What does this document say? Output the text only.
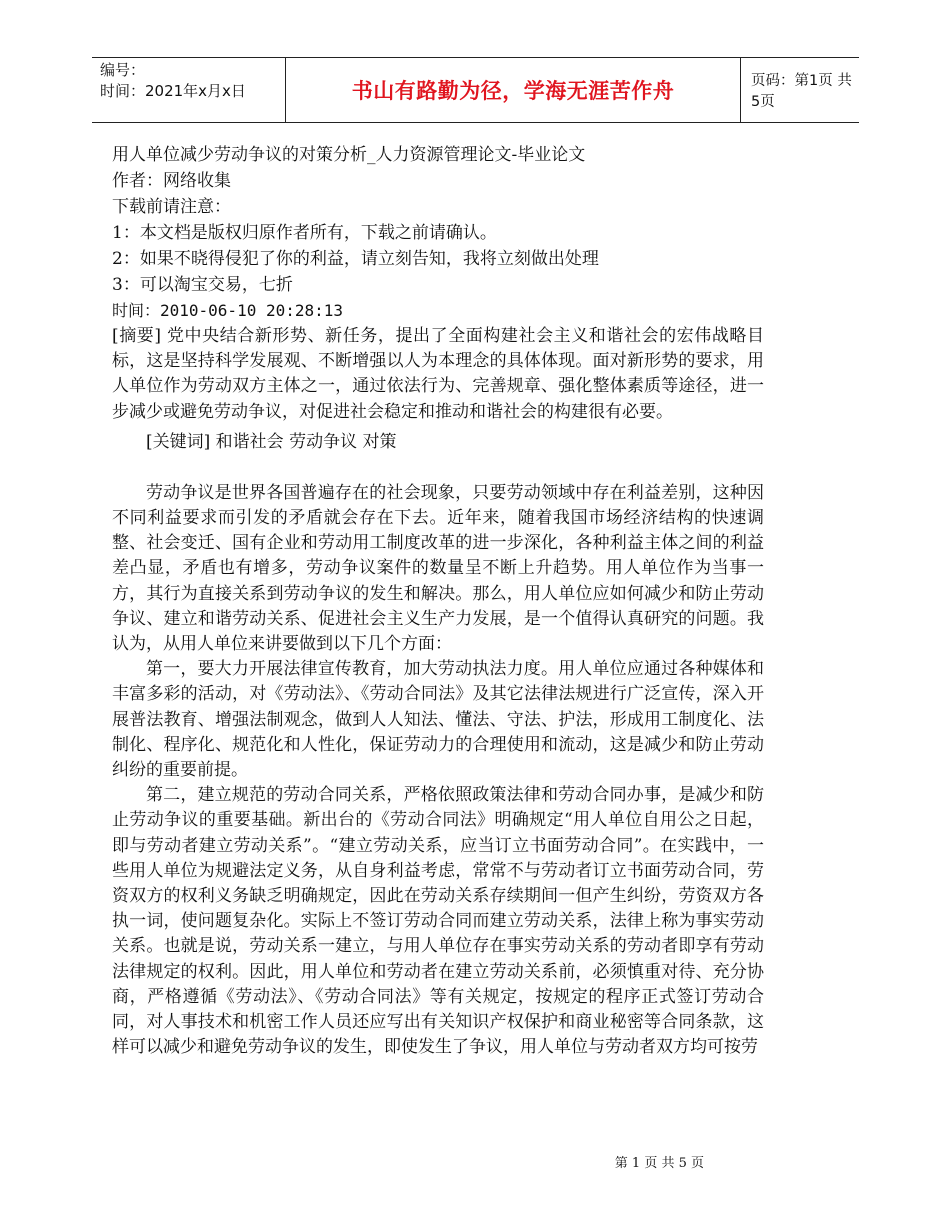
编号：
时间：2021年x月x日	书山有路勤为径，学海无涯苦作舟	页码：第1页 共5页
用人单位减少劳动争议的对策分析_人力资源管理论文-毕业论文
作者：网络收集
下载前请注意：
1：本文档是版权归原作者所有，下载之前请确认。
2：如果不晓得侵犯了你的利益，请立刻告知，我将立刻做出处理
3：可以淘宝交易，七折
时间：2010-06-10 20:28:13
[摘要] 党中央结合新形势、新任务，提出了全面构建社会主义和谐社会的宏伟战略目标，这是坚持科学发展观、不断增强以人为本理念的具体体现。面对新形势的要求，用人单位作为劳动双方主体之一，通过依法行为、完善规章、强化整体素质等途径，进一步减少或避免劳动争议，对促进社会稳定和推动和谐社会的构建很有必要。
[关键词] 和谐社会 劳动争议 对策
劳动争议是世界各国普遍存在的社会现象，只要劳动领域中存在利益差别，这种因不同利益要求而引发的矛盾就会存在下去。近年来，随着我国市场经济结构的快速调整、社会变迁、国有企业和劳动用工制度改革的进一步深化，各种利益主体之间的利益差凸显，矛盾也有增多，劳动争议案件的数量呈不断上升趋势。用人单位作为当事一方，其行为直接关系到劳动争议的发生和解决。那么，用人单位应如何减少和防止劳动争议、建立和谐劳动关系、促进社会主义生产力发展，是一个值得认真研究的问题。我认为，从用人单位来讲要做到以下几个方面：
第一，要大力开展法律宣传教育，加大劳动执法力度。用人单位应通过各种媒体和丰富多彩的活动，对《劳动法》、《劳动合同法》及其它法律法规进行广泛宣传，深入开展普法教育、增强法制观念，做到人人知法、懂法、守法、护法，形成用工制度化、法制化、程序化、规范化和人性化，保证劳动力的合理使用和流动，这是减少和防止劳动纠纷的重要前提。
第二，建立规范的劳动合同关系，严格依照政策法律和劳动合同办事，是减少和防止劳动争议的重要基础。新出台的《劳动合同法》明确规定“用人单位自用公之日起，即与劳动者建立劳动关系”。“建立劳动关系，应当订立书面劳动合同”。在实践中，一些用人单位为规避法定义务，从自身利益考虑，常常不与劳动者订立书面劳动合同，劳资双方的权利义务缺乏明确规定，因此在劳动关系存续期间一但产生纠纷，劳资双方各执一词，使问题复杂化。实际上不签订劳动合同而建立劳动关系，法律上称为事实劳动关系。也就是说，劳动关系一建立，与用人单位存在事实劳动关系的劳动者即享有劳动法律规定的权利。因此，用人单位和劳动者在建立劳动关系前，必须慎重对待、充分协商，严格遵循《劳动法》、《劳动合同法》等有关规定，按规定的程序正式签订劳动合同，对人事技术和机密工作人员还应写出有关知识产权保护和商业秘密等合同条款，这样可以减少和避免劳动争议的发生，即使发生了争议，用人单位与劳动者双方均可按劳
第 1 页 共 5 页
